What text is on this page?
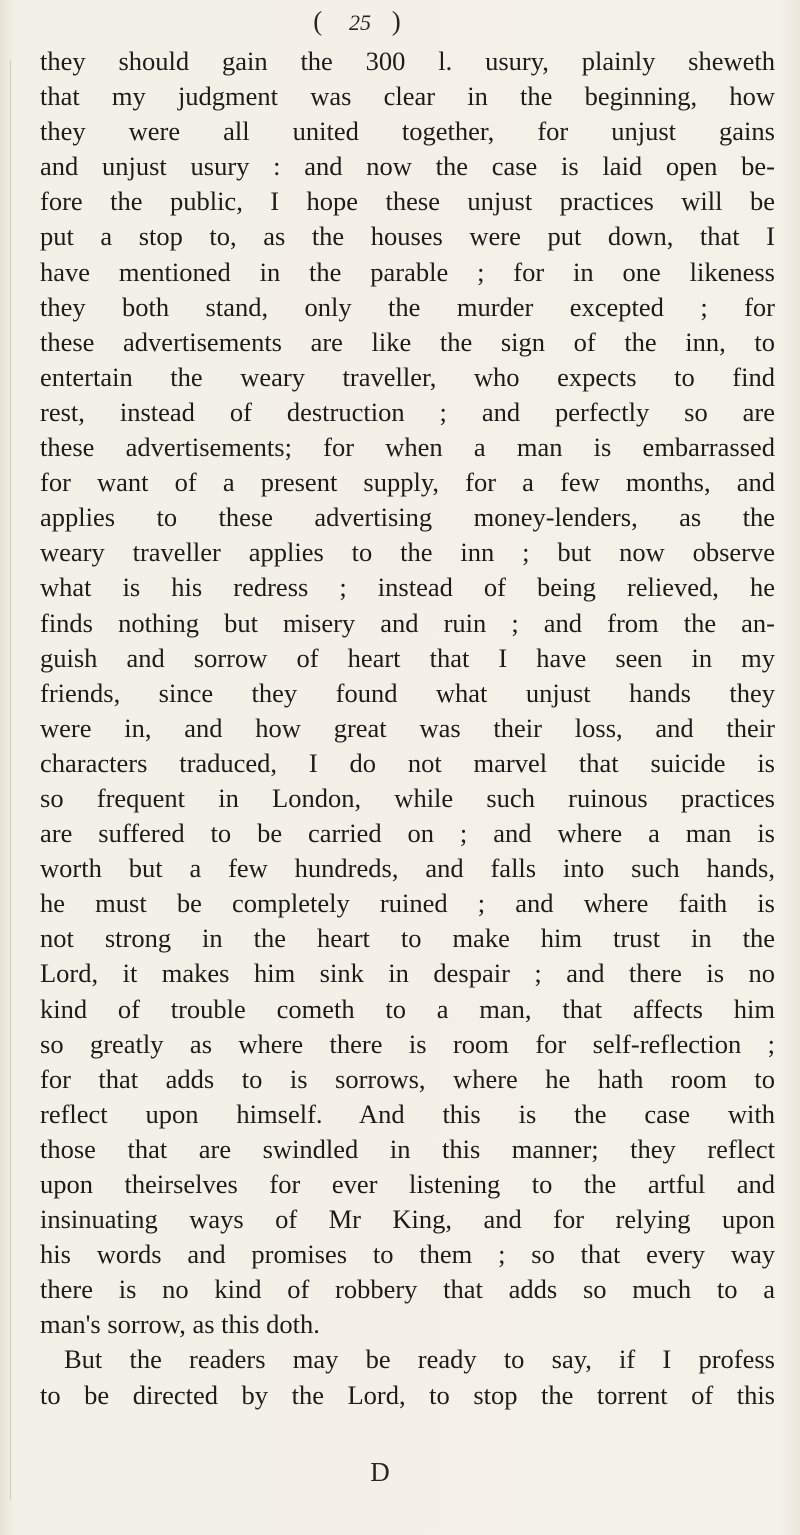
( 25 )
they should gain the 300 l. usury, plainly sheweth
that my judgment was clear in the beginning, how
they were all united together, for unjust gains
and unjust usury : and now the case is laid open be-
fore the public, I hope these unjust practices will be
put a stop to, as the houses were put down, that I
have mentioned in the parable ; for in one likeness
they both stand, only the murder excepted ; for
these advertisements are like the sign of the inn, to
entertain the weary traveller, who expects to find
rest, instead of destruction ; and perfectly so are
these advertisements; for when a man is embarrassed
for want of a present supply, for a few months, and
applies to these advertising money-lenders, as the
weary traveller applies to the inn ; but now observe
what is his redress ; instead of being relieved, he
finds nothing but misery and ruin ; and from the an-
guish and sorrow of heart that I have seen in my
friends, since they found what unjust hands they
were in, and how great was their loss, and their
characters traduced, I do not marvel that suicide is
so frequent in London, while such ruinous practices
are suffered to be carried on ; and where a man is
worth but a few hundreds, and falls into such hands,
he must be completely ruined ; and where faith is
not strong in the heart to make him trust in the
Lord, it makes him sink in despair ; and there is no
kind of trouble cometh to a man, that affects him
so greatly as where there is room for self-reflection ;
for that adds to is sorrows, where he hath room to
reflect upon himself. And this is the case with
those that are swindled in this manner; they reflect
upon theirselves for ever listening to the artful and
insinuating ways of Mr King, and for relying upon
his words and promises to them ; so that every way
there is no kind of robbery that adds so much to a
man's sorrow, as this doth.
But the readers may be ready to say, if I profess
to be directed by the Lord, to stop the torrent of this
D
